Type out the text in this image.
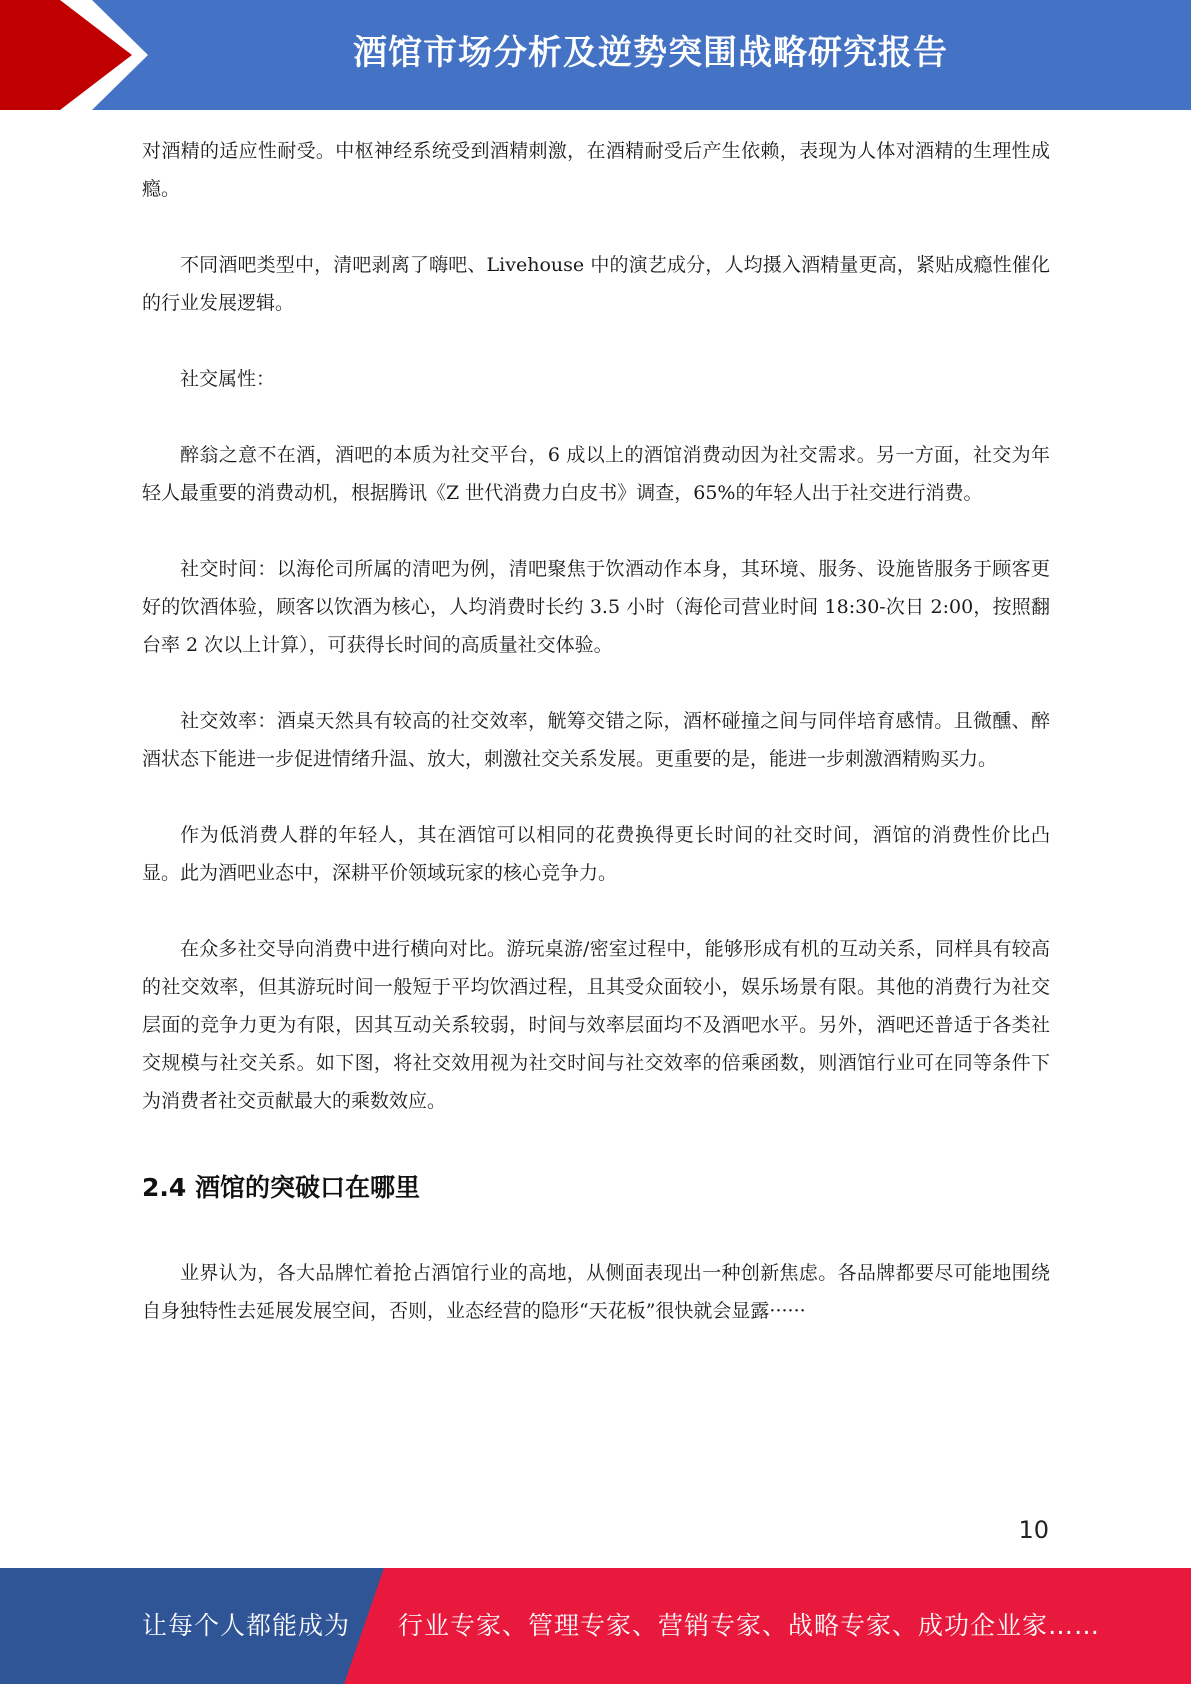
酒馆市场分析及逆势突围战略研究报告

对酒精的适应性耐受。中枢神经系统受到酒精刺激，在酒精耐受后产生依赖，表现为人体对酒精的生理性成瘾。

不同酒吧类型中，清吧剥离了嗨吧、Livehouse 中的演艺成分，人均摄入酒精量更高，紧贴成瘾性催化的行业发展逻辑。

社交属性：

醉翁之意不在酒，酒吧的本质为社交平台，6 成以上的酒馆消费动因为社交需求。另一方面，社交为年轻人最重要的消费动机，根据腾讯《Z 世代消费力白皮书》调查，65%的年轻人出于社交进行消费。

社交时间：以海伦司所属的清吧为例，清吧聚焦于饮酒动作本身，其环境、服务、设施皆服务于顾客更好的饮酒体验，顾客以饮酒为核心，人均消费时长约 3.5 小时（海伦司营业时间 18:30-次日 2:00，按照翻台率 2 次以上计算），可获得长时间的高质量社交体验。

社交效率：酒桌天然具有较高的社交效率，觥筹交错之际，酒杯碰撞之间与同伴培育感情。且微醺、醉酒状态下能进一步促进情绪升温、放大，刺激社交关系发展。更重要的是，能进一步刺激酒精购买力。

作为低消费人群的年轻人，其在酒馆可以相同的花费换得更长时间的社交时间，酒馆的消费性价比凸显。此为酒吧业态中，深耕平价领域玩家的核心竞争力。

在众多社交导向消费中进行横向对比。游玩桌游/密室过程中，能够形成有机的互动关系，同样具有较高的社交效率，但其游玩时间一般短于平均饮酒过程，且其受众面较小，娱乐场景有限。其他的消费行为社交层面的竞争力更为有限，因其互动关系较弱，时间与效率层面均不及酒吧水平。另外，酒吧还普适于各类社交规模与社交关系。如下图，将社交效用视为社交时间与社交效率的倍乘函数，则酒馆行业可在同等条件下为消费者社交贡献最大的乘数效应。

2.4 酒馆的突破口在哪里

业界认为，各大品牌忙着抢占酒馆行业的高地，从侧面表现出一种创新焦虑。各品牌都要尽可能地围绕自身独特性去延展发展空间，否则，业态经营的隐形“天花板”很快就会显露······

10
让每个人都能成为 行业专家、管理专家、营销专家、战略专家、成功企业家……
